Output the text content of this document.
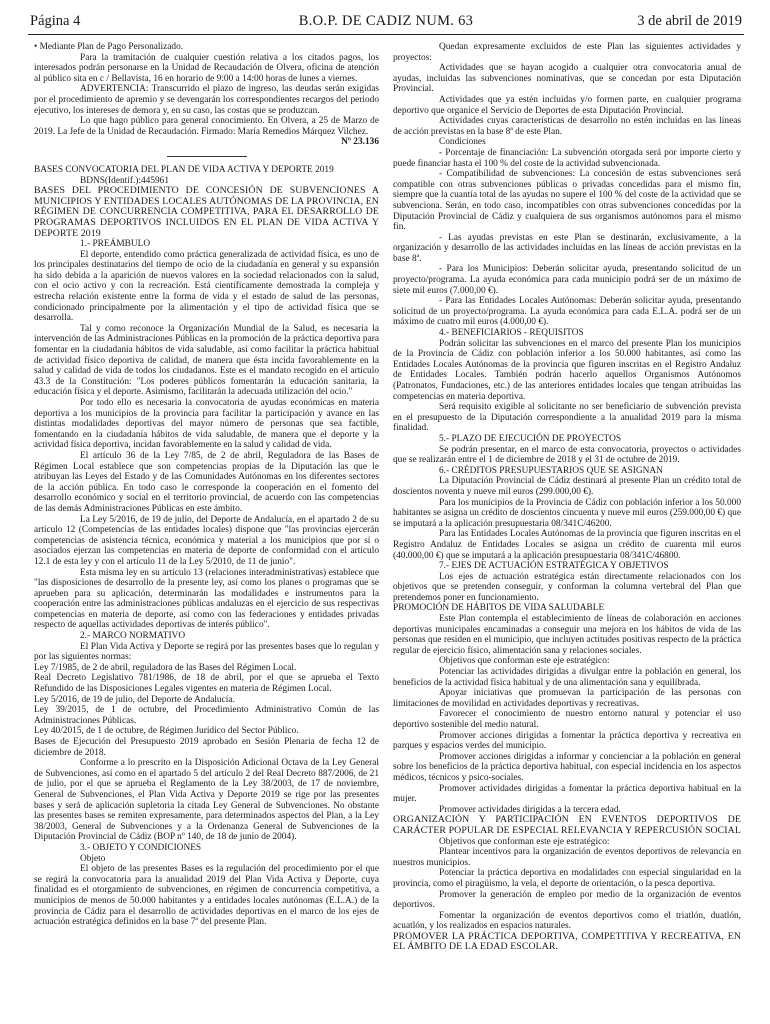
Página 4	B.O.P. DE CADIZ NUM. 63	3 de abril de 2019

• Mediante Plan de Pago Personalizado.

Para la tramitación de cualquier cuestión relativa a los citados pagos, los interesados podrán personarse en la Unidad de Recaudación de Olvera, oficina de atención al público sita en c / Bellavista, 16 en horario de 9:00 a 14:00 horas de lunes a viernes.

ADVERTENCIA: Transcurrido el plazo de ingreso, las deudas serán exigidas por el procedimiento de apremio y se devengarán los correspondientes recargos del periodo ejecutivo, los intereses de demora y, en su caso, las costas que se produzcan.

Lo que hago público para general conocimiento. En Olvera, a 25 de Marzo de 2019. La Jefe de la Unidad de Recaudación. Firmado: María Remedios Márquez Vilchez.

Nº 23.136

BASES CONVOCATORIA DEL PLAN DE VIDA ACTIVA Y DEPORTE 2019

BDNS(Identif.):445961

BASES DEL PROCEDIMIENTO DE CONCESIÓN DE SUBVENCIONES A MUNICIPIOS Y ENTIDADES LOCALES AUTÓNOMAS DE LA PROVINCIA, EN RÉGIMEN DE CONCURRENCIA COMPETITIVA, PARA EL DESARROLLO DE PROGRAMAS DEPORTIVOS INCLUIDOS EN EL PLAN DE VIDA ACTIVA Y DEPORTE 2019

1.- PREÁMBULO

El deporte, entendido como práctica generalizada de actividad física, es uno de los principales destinatarios del tiempo de ocio de la ciudadanía en general y su expansión ha sido debida a la aparición de nuevos valores en la sociedad relacionados con la salud, con el ocio activo y con la recreación. Está científicamente demostrada la compleja y estrecha relación existente entre la forma de vida y el estado de salud de las personas, condicionado principalmente por la alimentación y el tipo de actividad física que se desarrolla.

Tal y como reconoce la Organización Mundial de la Salud, es necesaria la intervención de las Administraciones Públicas en la promoción de la práctica deportiva para fomentar en la ciudadanía hábitos de vida saludable, así como facilitar la práctica habitual de actividad físico deportiva de calidad, de manera que ésta incida favorablemente en la salud y calidad de vida de todos los ciudadanos. Este es el mandato recogido en el artículo 43.3 de la Constitución: "Los poderes públicos fomentarán la educación sanitaria, la educación física y el deporte. Asimismo, facilitarán la adecuada utilización del ocio."

Por todo ello es necesaria la convocatoria de ayudas económicas en materia deportiva a los municipios de la provincia para facilitar la participación y avance en las distintas modalidades deportivas del mayor número de personas que sea factible, fomentando en la ciudadanía hábitos de vida saludable, de manera que el deporte y la actividad física deportiva, incidan favorablemente en la salud y calidad de vida.

El artículo 36 de la Ley 7/85, de 2 de abril, Reguladora de las Bases de Régimen Local establece que son competencias propias de la Diputación las que le atribuyan las Leyes del Estado y de las Comunidades Autónomas en los diferentes sectores de la acción pública. En todo caso le corresponde la cooperación en el fomento del desarrollo económico y social en el territorio provincial, de acuerdo con las competencias de las demás Administraciones Públicas en este ámbito.

La Ley 5/2016, de 19 de julio, del Deporte de Andalucía, en el apartado 2 de su artículo 12 (Competencias de las entidades locales) dispone que "las provincias ejercerán competencias de asistencia técnica, económica y material a los municipios que por sí o asociados ejerzan las competencias en materia de deporte de conformidad con el artículo 12.1 de esta ley y con el artículo 11 de la Ley 5/2010, de 11 de junio".

Esta misma ley en su artículo 13 (relaciones interadministrativas) establece que "las disposiciones de desarrollo de la presente ley, así como los planes o programas que se aprueben para su aplicación, determinarán las modalidades e instrumentos para la cooperación entre las administraciones públicas andaluzas en el ejercicio de sus respectivas competencias en materia de deporte, así como con las federaciones y entidades privadas respecto de aquellas actividades deportivas de interés público".

2.- MARCO NORMATIVO

El Plan Vida Activa y Deporte se regirá por las presentes bases que lo regulan y por las siguientes normas:

Ley 7/1985, de 2 de abril, reguladora de las Bases del Régimen Local.

Real Decreto Legislativo 781/1986, de 18 de abril, por el que se aprueba el Texto Refundido de las Disposiciones Legales vigentes en materia de Régimen Local.

Ley 5/2016, de 19 de julio, del Deporte de Andalucía.

Ley 39/2015, de 1 de octubre, del Procedimiento Administrativo Común de las Administraciones Públicas.

Ley 40/2015, de 1 de octubre, de Régimen Jurídico del Sector Público.

Bases de Ejecución del Presupuesto 2019 aprobado en Sesión Plenaria de fecha 12 de diciembre de 2018.

Conforme a lo prescrito en la Disposición Adicional Octava de la Ley General de Subvenciones, así como en el apartado 5 del artículo 2 del Real Decreto 887/2006, de 21 de julio, por el que se aprueba el Reglamento de la Ley 38/2003, de 17 de noviembre, General de Subvenciones, el Plan Vida Activa y Deporte 2019 se rige por las presentes bases y será de aplicación supletoria la citada Ley General de Subvenciones. No obstante las presentes bases se remiten expresamente, para determinados aspectos del Plan, a la Ley 38/2003, General de Subvenciones y a la Ordenanza General de Subvenciones de la Diputación Provincial de Cádiz (BOP nº 140, de 18 de junio de 2004).

3.- OBJETO Y CONDICIONES

Objeto

El objeto de las presentes Bases es la regulación del procedimiento por el que se regirá la convocatoria para la anualidad 2019 del Plan Vida Activa y Deporte, cuya finalidad es el otorgamiento de subvenciones, en régimen de concurrencia competitiva, a municipios de menos de 50.000 habitantes y a entidades locales autónomas (E.L.A.) de la provincia de Cádiz para el desarrollo de actividades deportivas en el marco de los ejes de actuación estratégica definidos en la base 7ª del presente Plan.

Quedan expresamente excluidos de este Plan las siguientes actividades y proyectos:

Actividades que se hayan acogido a cualquier otra convocatoria anual de ayudas, incluidas las subvenciones nominativas, que se concedan por esta Diputación Provincial.

Actividades que ya estén incluidas y/o formen parte, en cualquier programa deportivo que organice el Servicio de Deportes de esta Diputación Provincial.

Actividades cuyas características de desarrollo no estén incluidas en las líneas de acción previstas en la base 8ª de este Plan.

Condiciones

- Porcentaje de financiación: La subvención otorgada será por importe cierto y puede financiar hasta el 100 % del coste de la actividad subvencionada.

- Compatibilidad de subvenciones: La concesión de estas subvenciones será compatible con otras subvenciones públicas o privadas concedidas para el mismo fin, siempre que la cuantía total de las ayudas no supere el 100 % del coste de la actividad que se subvenciona. Serán, en todo caso, incompatibles con otras subvenciones concedidas por la Diputación Provincial de Cádiz y cualquiera de sus organismos autónomos para el mismo fin.

- Las ayudas previstas en este Plan se destinarán, exclusivamente, a la organización y desarrollo de las actividades incluidas en las líneas de acción previstas en la base 8ª.

- Para los Municipios: Deberán solicitar ayuda, presentando solicitud de un proyecto/programa. La ayuda económica para cada municipio podrá ser de un máximo de siete mil euros (7.000,00 €).

- Para las Entidades Locales Autónomas: Deberán solicitar ayuda, presentando solicitud de un proyecto/programa. La ayuda económica para cada E.L.A. podrá ser de un máximo de cuatro mil euros (4.000,00 €).

4.- BENEFICIARIOS - REQUISITOS

Podrán solicitar las subvenciones en el marco del presente Plan los municipios de la Provincia de Cádiz con población inferior a los 50.000 habitantes, así como las Entidades Locales Autónomas de la provincia que figuren inscritas en el Registro Andaluz de Entidades Locales. También podrán hacerlo aquellos Organismos Autónomos (Patronatos, Fundaciones, etc.) de las anteriores entidades locales que tengan atribuidas las competencias en materia deportiva.

Será requisito exigible al solicitante no ser beneficiario de subvención prevista en el presupuesto de la Diputación correspondiente a la anualidad 2019 para la misma finalidad.

5.- PLAZO DE EJECUCIÓN DE PROYECTOS

Se podrán presentar, en el marco de esta convocatoria, proyectos o actividades que se realizarán entre el 1 de diciembre de 2018 y el 31 de octubre de 2019.

6.- CRÉDITOS PRESUPUESTARIOS QUE SE ASIGNAN

La Diputación Provincial de Cádiz destinará al presente Plan un crédito total de doscientos noventa y nueve mil euros (299.000,00 €).

Para los municipios de la Provincia de Cádiz con población inferior a los 50.000 habitantes se asigna un crédito de doscientos cincuenta y nueve mil euros (259.000,00 €) que se imputará a la aplicación presupuestaria 08/341C/46200.

Para las Entidades Locales Autónomas de la provincia que figuren inscritas en el Registro Andaluz de Entidades Locales se asigna un crédito de cuarenta mil euros (40.000,00 €) que se imputará a la aplicación presupuestaria 08/341C/46800.

7.- EJES DE ACTUACIÓN ESTRATÉGICA Y OBJETIVOS

Los ejes de actuación estratégica están directamente relacionados con los objetivos que se pretenden conseguir, y conforman la columna vertebral del Plan que pretendemos poner en funcionamiento.

PROMOCIÓN DE HÁBITOS DE VIDA SALUDABLE

Este Plan contempla el establecimiento de líneas de colaboración en acciones deportivas municipales encaminadas a conseguir una mejora en los hábitos de vida de las personas que residen en el municipio, que incluyen actitudes positivas respecto de la práctica regular de ejercicio físico, alimentación sana y relaciones sociales.

Objetivos que conforman este eje estratégico:

Potenciar las actividades dirigidas a divulgar entre la población en general, los beneficios de la actividad física habitual y de una alimentación sana y equilibrada.

Apoyar iniciativas que promuevan la participación de las personas con limitaciones de movilidad en actividades deportivas y recreativas.

Favorecer el conocimiento de nuestro entorno natural y potenciar el uso deportivo sostenible del medio natural.

Promover acciones dirigidas a fomentar la práctica deportiva y recreativa en parques y espacios verdes del municipio.

Promover acciones dirigidas a informar y concienciar a la población en general sobre los beneficios de la práctica deportiva habitual, con especial incidencia en los aspectos médicos, técnicos y psico-sociales.

Promover actividades dirigidas a fomentar la práctica deportiva habitual en la mujer.

Promover actividades dirigidas a la tercera edad.

ORGANIZACIÓN Y PARTICIPACIÓN EN EVENTOS DEPORTIVOS DE CARÁCTER POPULAR DE ESPECIAL RELEVANCIA Y REPERCUSIÓN SOCIAL

Objetivos que conforman este eje estratégico:

Plantear incentivos para la organización de eventos deportivos de relevancia en nuestros municipios.

Potenciar la práctica deportiva en modalidades con especial singularidad en la provincia, como el piragüismo, la vela, el deporte de orientación, o la pesca deportiva.

Promover la generación de empleo por medio de la organización de eventos deportivos.

Fomentar la organización de eventos deportivos como el triatlón, duatlón, acuatlón, y los realizados en espacios naturales.

PROMOVER LA PRÁCTICA DEPORTIVA, COMPETITIVA Y RECREATIVA, EN EL ÁMBITO DE LA EDAD ESCOLAR.
